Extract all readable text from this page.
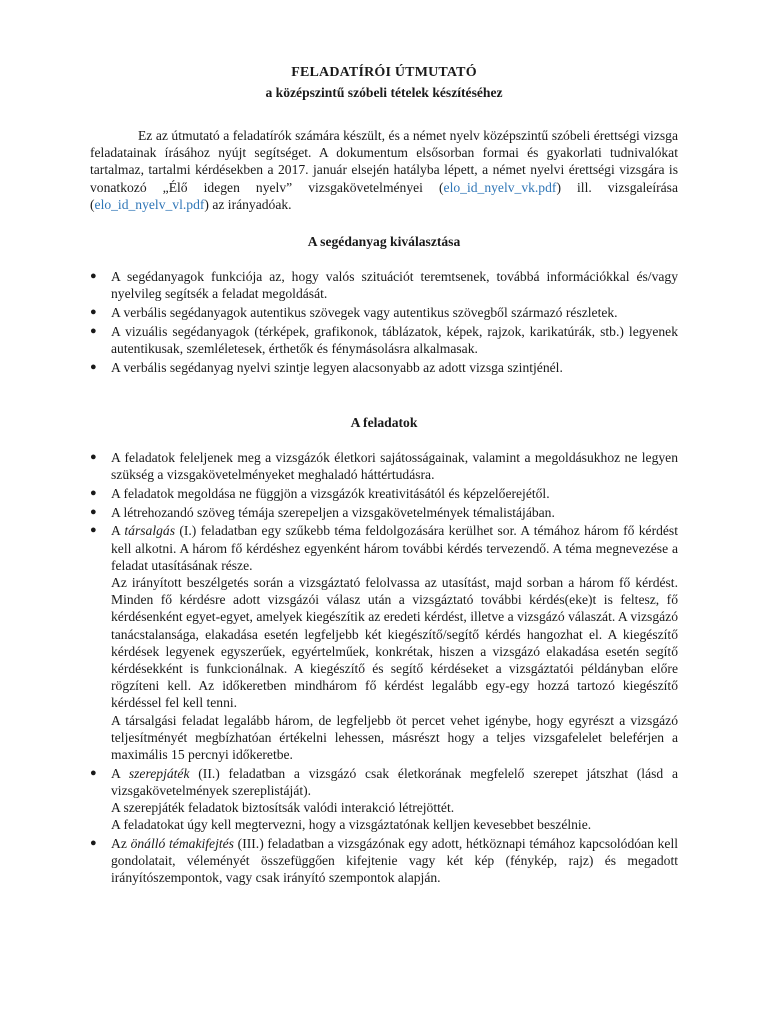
FELADATÍRÓI ÚTMUTATÓ
a középszintű szóbeli tételek készítéséhez

Ez az útmutató a feladatírók számára készült, és a német nyelv középszintű szóbeli érettségi vizsga feladatainak írásához nyújt segítséget. A dokumentum elsősorban formai és gyakorlati tudnivalókat tartalmaz, tartalmi kérdésekben a 2017. január elsején hatályba lépett, a német nyelvi érettségi vizsgára is vonatkozó „Élő idegen nyelv” vizsgakövetelményei (elo_id_nyelv_vk.pdf) ill. vizsgaleírása (elo_id_nyelv_vl.pdf) az irányadóak.

A segédanyag kiválasztása
● A segédanyagok funkciója az, hogy valós szituációt teremtsenek, továbbá információkkal és/vagy nyelvileg segítsék a feladat megoldását.

● A verbális segédanyagok autentikus szövegek vagy autentikus szövegből származó részletek.

● A vizuális segédanyagok (térképek, grafikonok, táblázatok, képek, rajzok, karikatúrák, stb.) legyenek autentikusak, szemléletesek, érthetők és fénymásolásra alkalmasak.

● A verbális segédanyag nyelvi szintje legyen alacsonyabb az adott vizsga szintjénél.

A feladatok
● A feladatok feleljenek meg a vizsgázók életkori sajátosságainak, valamint a megoldásukhoz ne legyen szükség a vizsgakövetelményeket meghaladó háttértudásra.

● A feladatok megoldása ne függjön a vizsgázók kreativitásától és képzelőerejétől.

● A létrehozandó szöveg témája szerepeljen a vizsgakövetelmények témalistájában.

● A társalgás (I.) feladatban egy szűkebb téma feldolgozására kerülhet sor. A témához három fő kérdést kell alkotni. A három fő kérdéshez egyenként három további kérdés tervezendő. A téma megnevezése a feladat utasításának része.

Az irányított beszélgetés során a vizsgáztató felolvassa az utasítást, majd sorban a három fő kérdést. Minden fő kérdésre adott vizsgázói válasz után a vizsgáztató további kérdés(eke)t is feltesz, fő kérdésenként egyet-egyet, amelyek kiegészítik az eredeti kérdést, illetve a vizsgázó válaszát. A vizsgázó tanácstalansága, elakadása esetén legfeljebb két kiegészítő/segítő kérdés hangozhat el. A kiegészítő kérdések legyenek egyszerűek, egyértelműek, konkrétak, hiszen a vizsgázó elakadása esetén segítő kérdésekként is funkcionálnak. A kiegészítő és segítő kérdéseket a vizsgáztatói példányban előre rögzíteni kell. Az időkeretben mindhárom fő kérdést legalább egy-egy hozzá tartozó kiegészítő kérdéssel fel kell tenni.

A társalgási feladat legalább három, de legfeljebb öt percet vehet igénybe, hogy egyrészt a vizsgázó teljesítményét megbízhatóan értékelni lehessen, másrészt hogy a teljes vizsgafelelet beleférjen a maximális 15 percnyi időkeretbe.

● A szerepjáték (II.) feladatban a vizsgázó csak életkorának megfelelő szerepet játszhat (lásd a vizsgakövetelmények szereplistáját).

A szerepjáték feladatok biztosítsák valódi interakció létrejöttét.

A feladatokat úgy kell megtervezni, hogy a vizsgáztatónak kelljen kevesebbet beszélnie.

● Az önálló témakifejtés (III.) feladatban a vizsgázónak egy adott, hétköznapi témához kapcsolódóan kell gondolatait, véleményét összefüggően kifejtenie vagy két kép (fénykép, rajz) és megadott irányítószempontok, vagy csak irányító szempontok alapján.
